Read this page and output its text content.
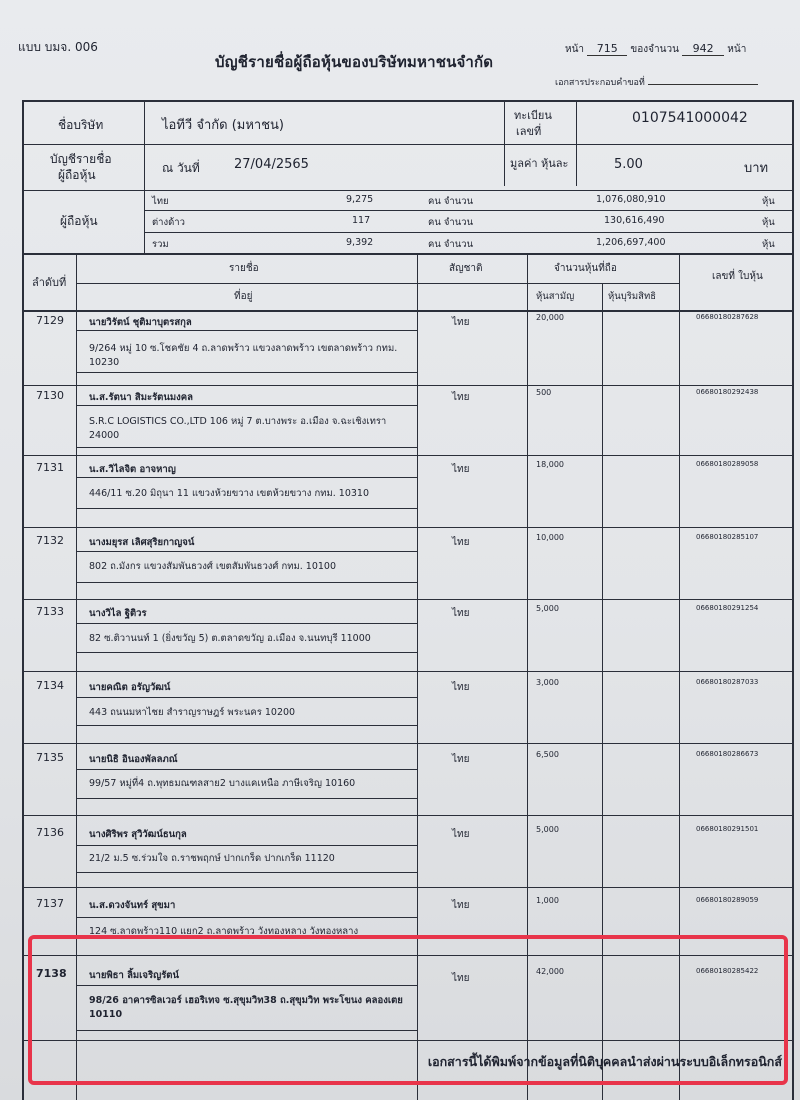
แบบ บมจ. 006
บัญชีรายชื่อผู้ถือหุ้นของบริษัทมหาชนจำกัด
หน้า 715 ของจำนวน 942 หน้า
เอกสารประกอบคำขอที่
ชื่อบริษัท	ไอทีวี จำกัด (มหาชน)
ทะเบียน
เลขที่
0107541000042
บัญชีรายชื่อ
ผู้ถือหุ้น	ณ วันที่	27/04/2565	มูลค่า หุ้นละ	5.00	บาท
ผู้ถือหุ้น
ไทย	9,275	คน จำนวน	1,076,080,910	หุ้น
ต่างด้าว	117	คน จำนวน	130,616,490	หุ้น
รวม	9,392	คน จำนวน	1,206,697,400	หุ้น
ลำดับที่
รายชื่อ
ที่อยู่
สัญชาติ	จำนวนหุ้นที่ถือ
หุ้นสามัญ	หุ้นบุริมสิทธิ
เลขที่ ใบหุ้น
7129	นายวิรัตน์ ชุติมาบุตรสกุล
9/264 หมู่ 10 ซ.โชคชัย 4 ถ.ลาดพร้าว แขวงลาดพร้าว เขตลาดพร้าว กทม. 10230
ไทย	20,000	06680180287628
7130	น.ส.รัตนา สิมะรัตนมงคล
S.R.C LOGISTICS CO.,LTD 106 หมู่ 7 ต.บางพระ อ.เมือง จ.ฉะเชิงเทรา 24000
ไทย	500	06680180292438
7131	น.ส.วิไลจิต อาจหาญ
446/11 ซ.20 มิถุนา 11 แขวงห้วยขวาง เขตห้วยขวาง กทม. 10310
ไทย	18,000	06680180289058
7132	นางมยุรส เลิศสุริยกาญจน์
802 ถ.มังกร แขวงสัมพันธวงศ์ เขตสัมพันธวงศ์ กทม. 10100
ไทย	10,000	06680180285107
7133	นางวิไล ฐิติวร
82 ซ.ติวานนท์ 1 (ยิ่งขวัญ 5) ต.ตลาดขวัญ อ.เมือง จ.นนทบุรี 11000
ไทย	5,000	06680180291254
7134	นายคณิต อรัญวัฒน์
443 ถนนมหาไชย สำราญราษฎร์ พระนคร 10200
ไทย	3,000	06680180287033
7135	นายนิธิ อินองพัลลภณ์
99/57 หมู่ที่4 ถ.พุทธมณฑลสาย2 บางแคเหนือ ภาษีเจริญ 10160
ไทย	6,500	06680180286673
7136	นางศิริพร สุวิวัฒน์ธนกุล
21/2 ม.5 ซ.ร่วมใจ ถ.ราชพฤกษ์ ปากเกร็ด ปากเกร็ด 11120
ไทย	5,000	06680180291501
7137	น.ส.ดวงจันทร์ สุขมา
124 ซ.ลาดพร้าว110 แยก2 ถ.ลาดพร้าว วังทองหลาง วังทองหลาง
ไทย	1,000	06680180289059
7138 นายพิธา ลิ้มเจริญรัตน์
98/26 อาคารซิลเวอร์ เฮอริเทจ ซ.สุขุมวิท38 ถ.สุขุมวิท พระโขนง คลองเตย 10110
ไทย
42,000	06680180285422
เอกสารนี้ได้พิมพ์จากข้อมูลที่นิติบุคคลนำส่งผ่านระบบอิเล็กทรอนิกส์
